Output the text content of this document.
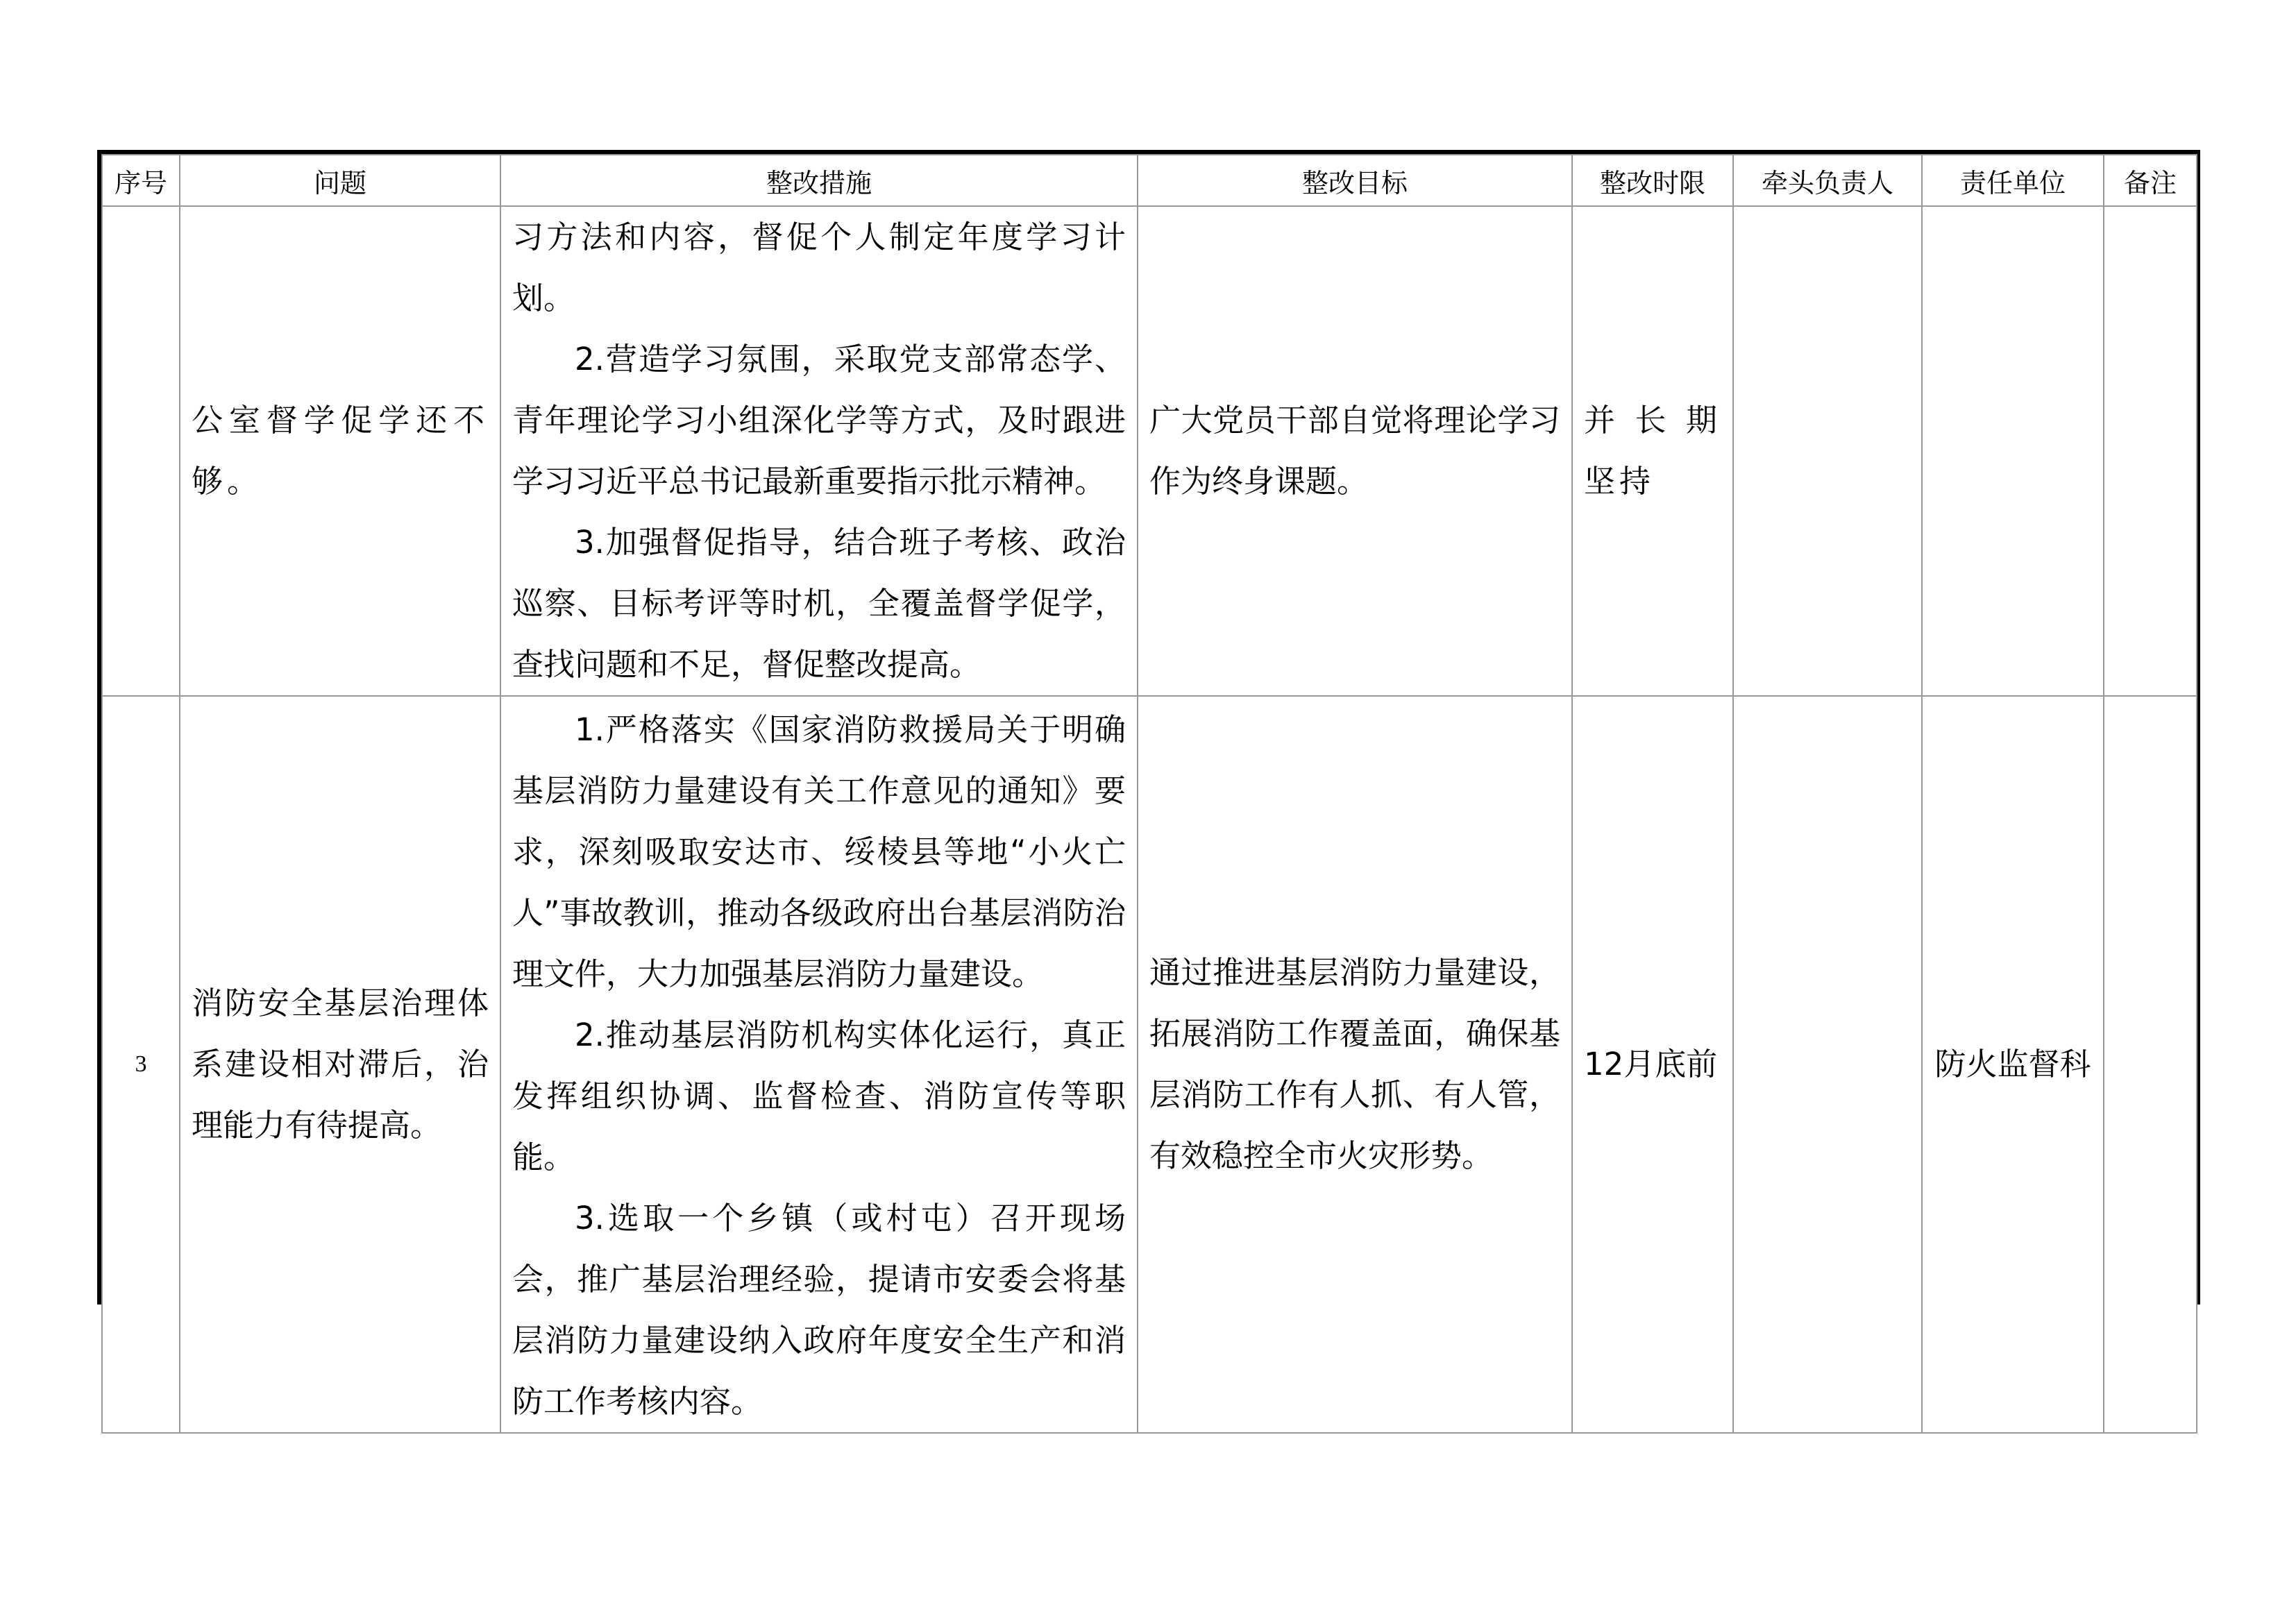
序号	问题	整改措施	整改目标	整改时限	牵头负责人	责任单位	备注

	公室督学促学还不够。	习方法和内容，督促个人制定年度学习计划。

2.营造学习氛围，采取党支部常态学、青年理论学习小组深化学等方式，及时跟进学习习近平总书记最新重要指示批示精神。

3.加强督促指导，结合班子考核、政治巡察、目标考评等时机，全覆盖督学促学，查找问题和不足，督促整改提高。	广大党员干部自觉将理论学习作为终身课题。	并长期坚持			

3	消防安全基层治理体系建设相对滞后，治理能力有待提高。	1.严格落实《国家消防救援局关于明确基层消防力量建设有关工作意见的通知》要求，深刻吸取安达市、绥棱县等地“小火亡人”事故教训，推动各级政府出台基层消防治理文件，大力加强基层消防力量建设。

2.推动基层消防机构实体化运行，真正发挥组织协调、监督检查、消防宣传等职能。

3.选取一个乡镇（或村屯）召开现场会，推广基层治理经验，提请市安委会将基层消防力量建设纳入政府年度安全生产和消防工作考核内容。	通过推进基层消防力量建设，拓展消防工作覆盖面，确保基层消防工作有人抓、有人管，有效稳控全市火灾形势。	12月底前		防火监督科	
